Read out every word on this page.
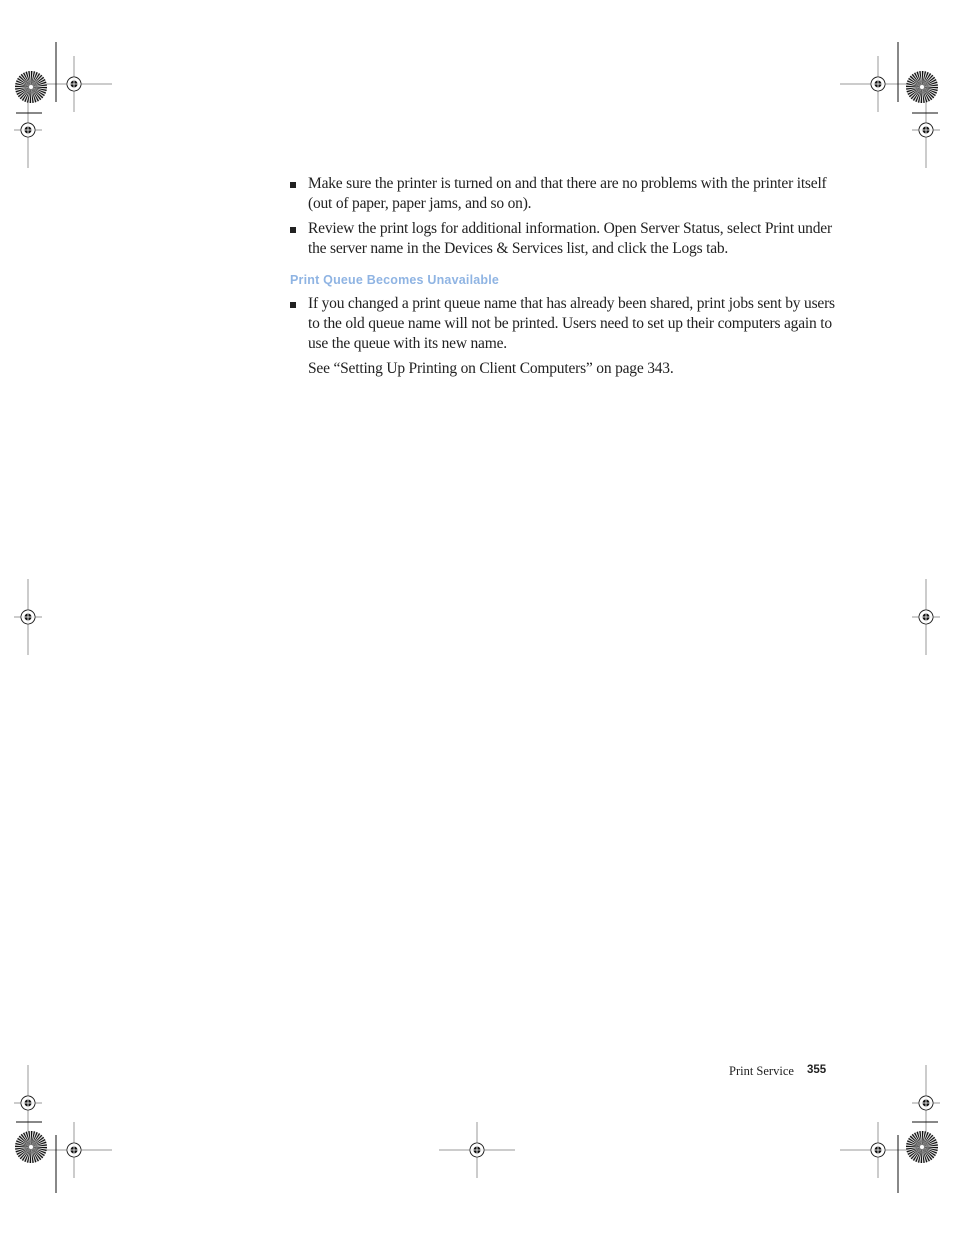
Make sure the printer is turned on and that there are no problems with the printer itself (out of paper, paper jams, and so on).
Review the print logs for additional information. Open Server Status, select Print under the server name in the Devices & Services list, and click the Logs tab.
Print Queue Becomes Unavailable
If you changed a print queue name that has already been shared, print jobs sent by users to the old queue name will not be printed. Users need to set up their computers again to use the queue with its new name.
See “Setting Up Printing on Client Computers” on page 343.
Print Service 355
